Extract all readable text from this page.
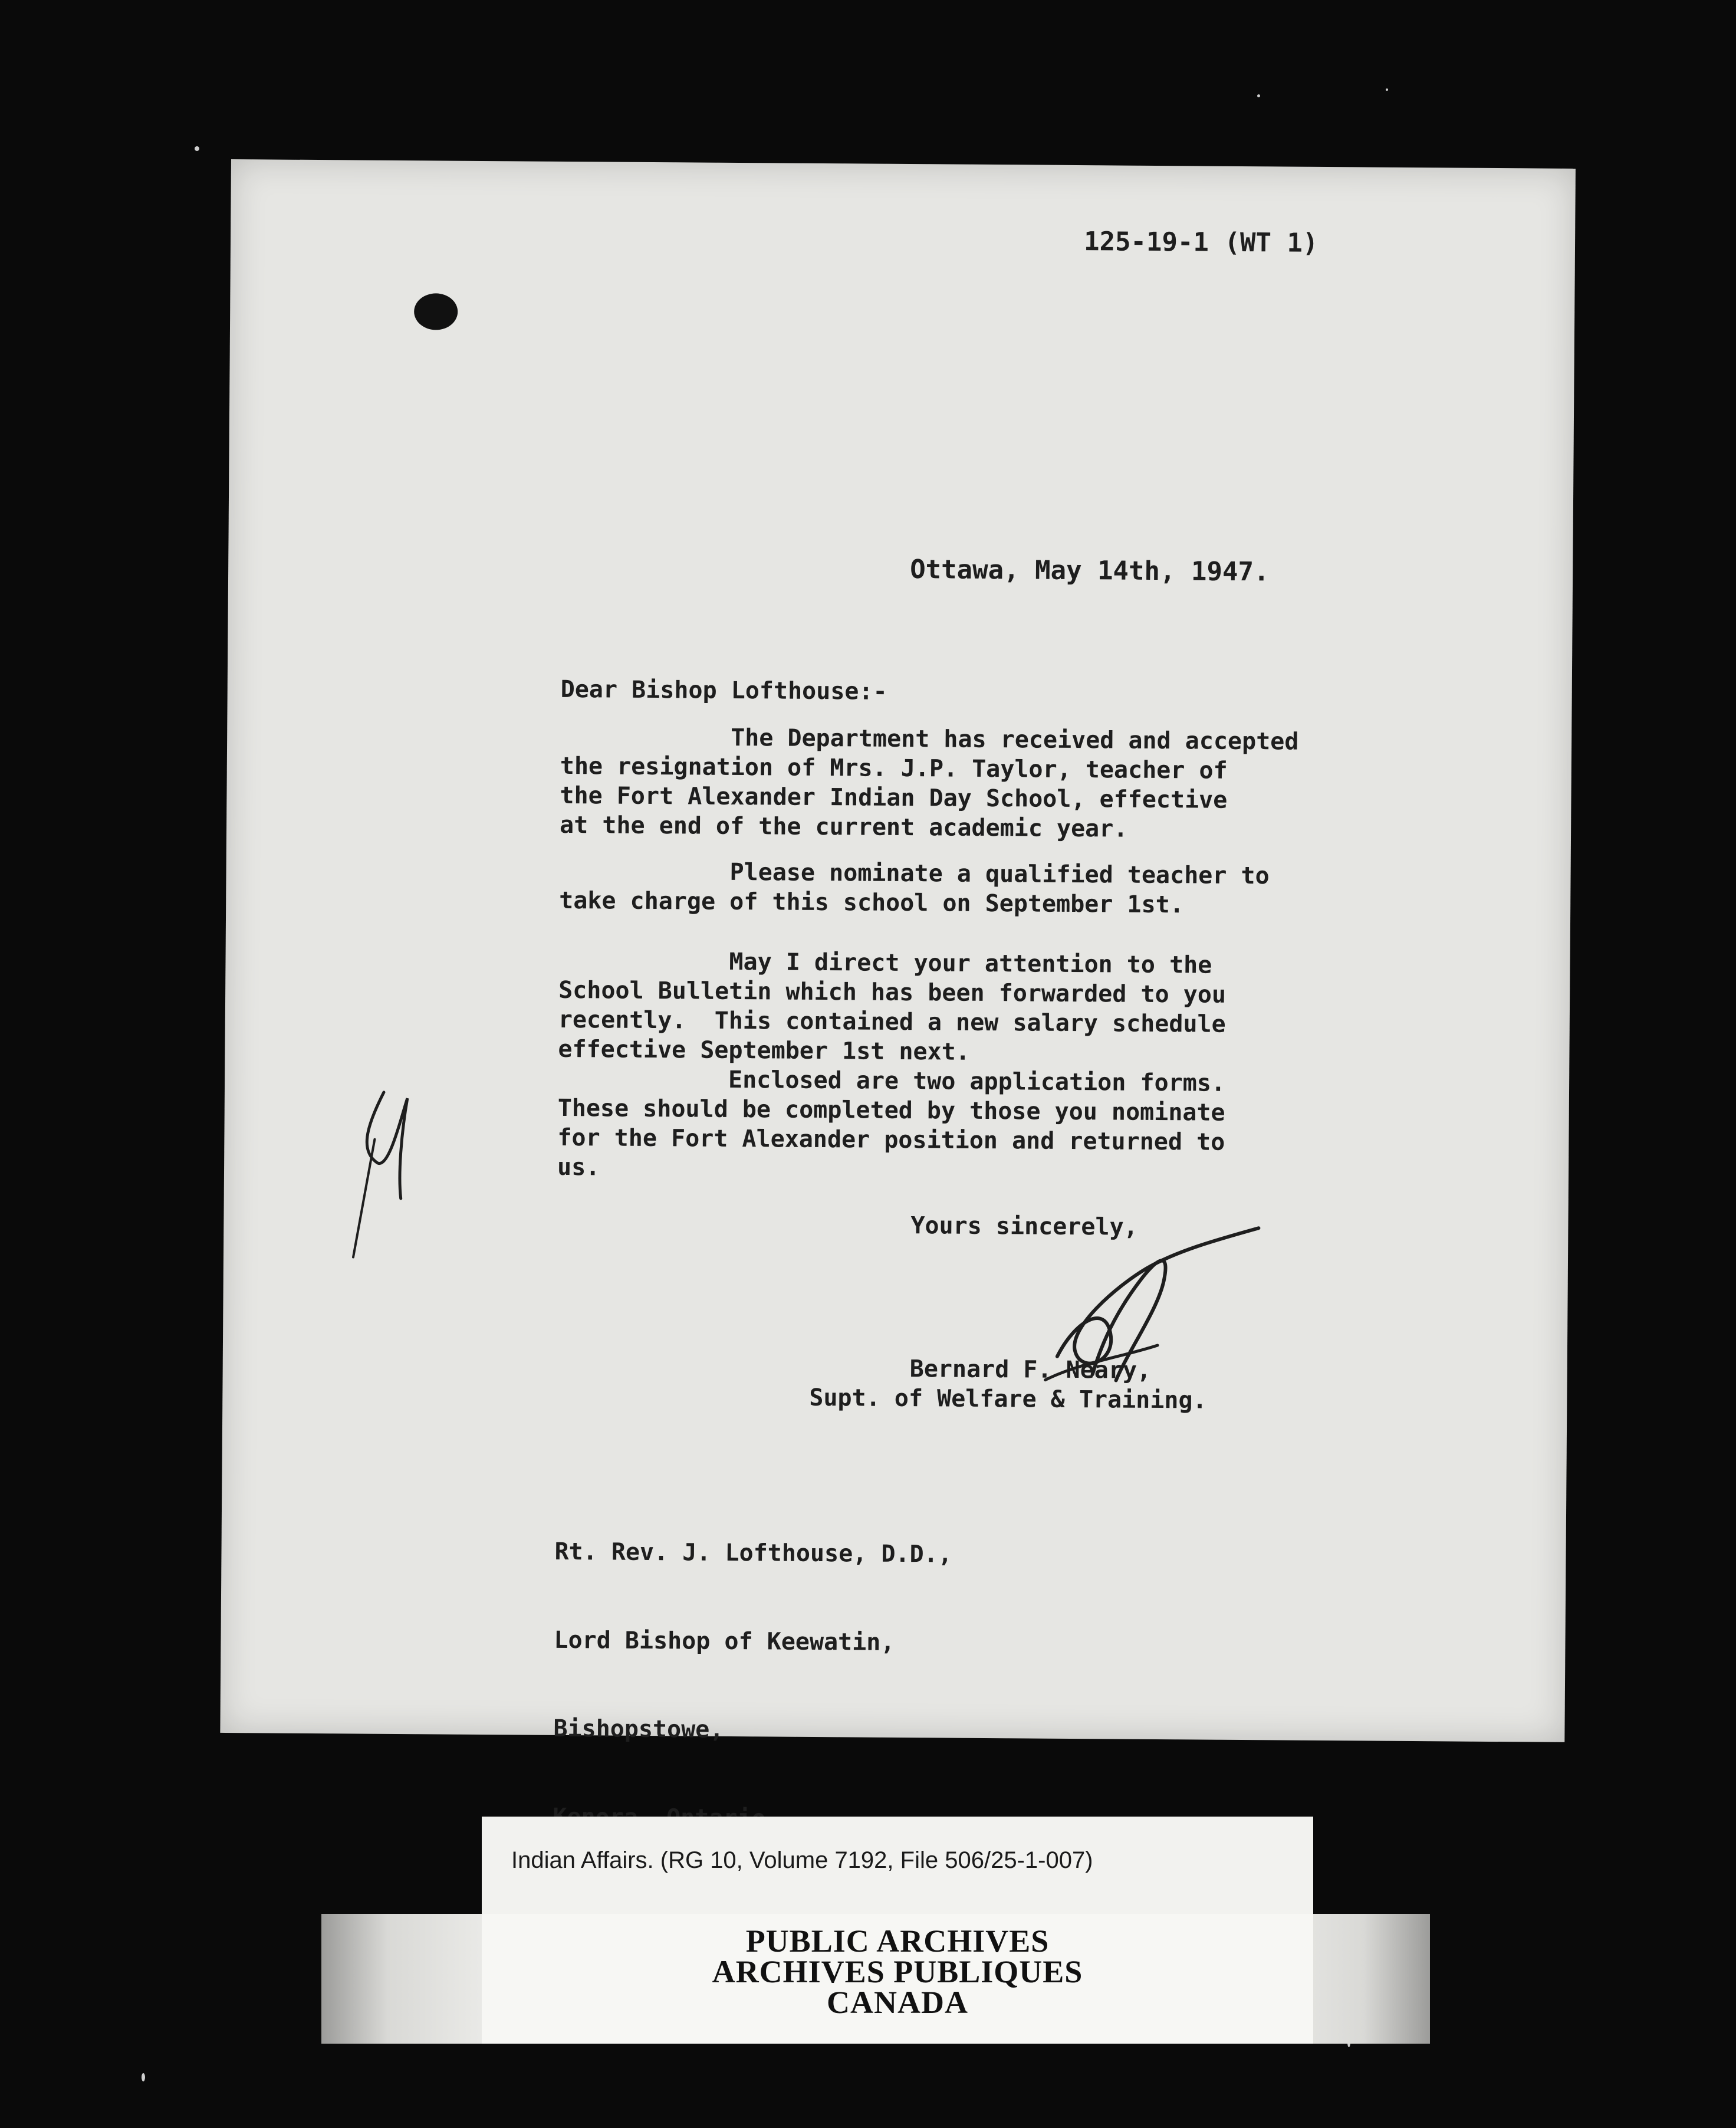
125-19-1 (WT 1)
Ottawa, May 14th, 1947.
Dear Bishop Lofthouse:-
The Department has received and accepted
the resignation of Mrs. J.P. Taylor, teacher of
the Fort Alexander Indian Day School, effective
at the end of the current academic year.
Please nominate a qualified teacher to
take charge of this school on September 1st.
May I direct your attention to the
School Bulletin which has been forwarded to you
recently.  This contained a new salary schedule
effective September 1st next.
Enclosed are two application forms.
These should be completed by those you nominate
for the Fort Alexander position and returned to
us.
Yours sincerely,
Bernard F. Neary,
Supt. of Welfare & Training.

Rt. Rev. J. Lofthouse, D.D.,

Lord Bishop of Keewatin,

Bishopstowe,

Indian Affairs. (RG 10, Volume 7192, File 506/25-1-007)
PUBLIC ARCHIVES
ARCHIVES PUBLIQUES
CANADA
